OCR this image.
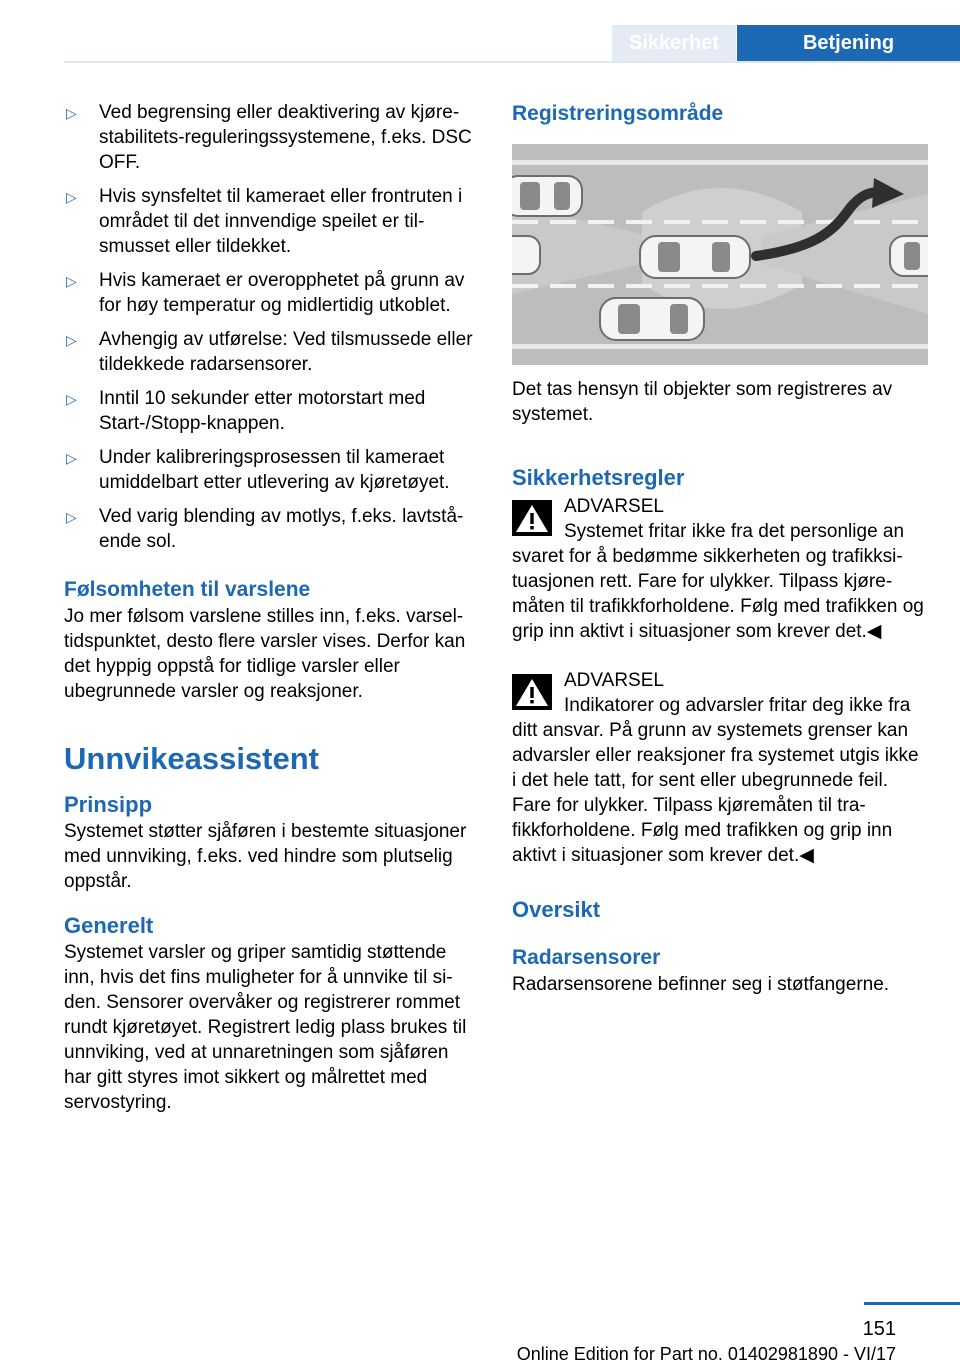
Sikkerhet	Betjening
▷ Ved begrensing eller deaktivering av kjørestabilitets-reguleringssystemene, f.eks. DSC OFF.
▷ Hvis synsfeltet til kameraet eller frontruten i området til det innvendige speilet er tilsmusset eller tildekket.
▷ Hvis kameraet er overopphetet på grunn av for høy temperatur og midlertidig utkoblet.
▷ Avhengig av utførelse: Ved tilsmussede eller tildekkede radarsensorer.
▷ Inntil 10 sekunder etter motorstart med Start-/Stopp-knappen.
▷ Under kalibreringsprosessen til kameraet umiddelbart etter utlevering av kjøretøyet.
▷ Ved varig blending av motlys, f.eks. lavtstående sol.
Følsomheten til varslene

Jo mer følsom varslene stilles inn, f.eks. varseltidspunktet, desto flere varsler vises. Derfor kan det hyppig oppstå for tidlige varsler eller ubegrunnede varsler og reaksjoner.

Unnvikeassistent
Prinsipp

Systemet støtter sjåføren i bestemte situasjoner med unnviking, f.eks. ved hindre som plutselig oppstår.

Generelt

Systemet varsler og griper samtidig støttende inn, hvis det fins muligheter for å unnvike til siden. Sensorer overvåker og registrerer rommet rundt kjøretøyet. Registrert ledig plass brukes til unnviking, ved at unnaretningen som sjåføren har gitt styres imot sikkert og målrettet med servostyring.

Registreringsområde

Det tas hensyn til objekter som registreres av systemet.

Sikkerhetsregler

ADVARSEL

Systemet fritar ikke fra det personlige an
svaret for å bedømme sikkerheten og trafikksituasjonen rett. Fare for ulykker. Tilpass kjøremåten til trafikkforholdene. Følg med trafikken og grip inn aktivt i situasjoner som krever det.◀

ADVARSEL

Indikatorer og advarsler fritar deg ikke fra
ditt ansvar. På grunn av systemets grenser kan advarsler eller reaksjoner fra systemet utgis ikke i det hele tatt, for sent eller ubegrunnede feil. Fare for ulykker. Tilpass kjøremåten til trafikkforholdene. Følg med trafikken og grip inn aktivt i situasjoner som krever det.◀

Oversikt
Radarsensorer

Radarsensorene befinner seg i støtfangerne.

151
Online Edition for Part no. 01402981890 - VI/17
